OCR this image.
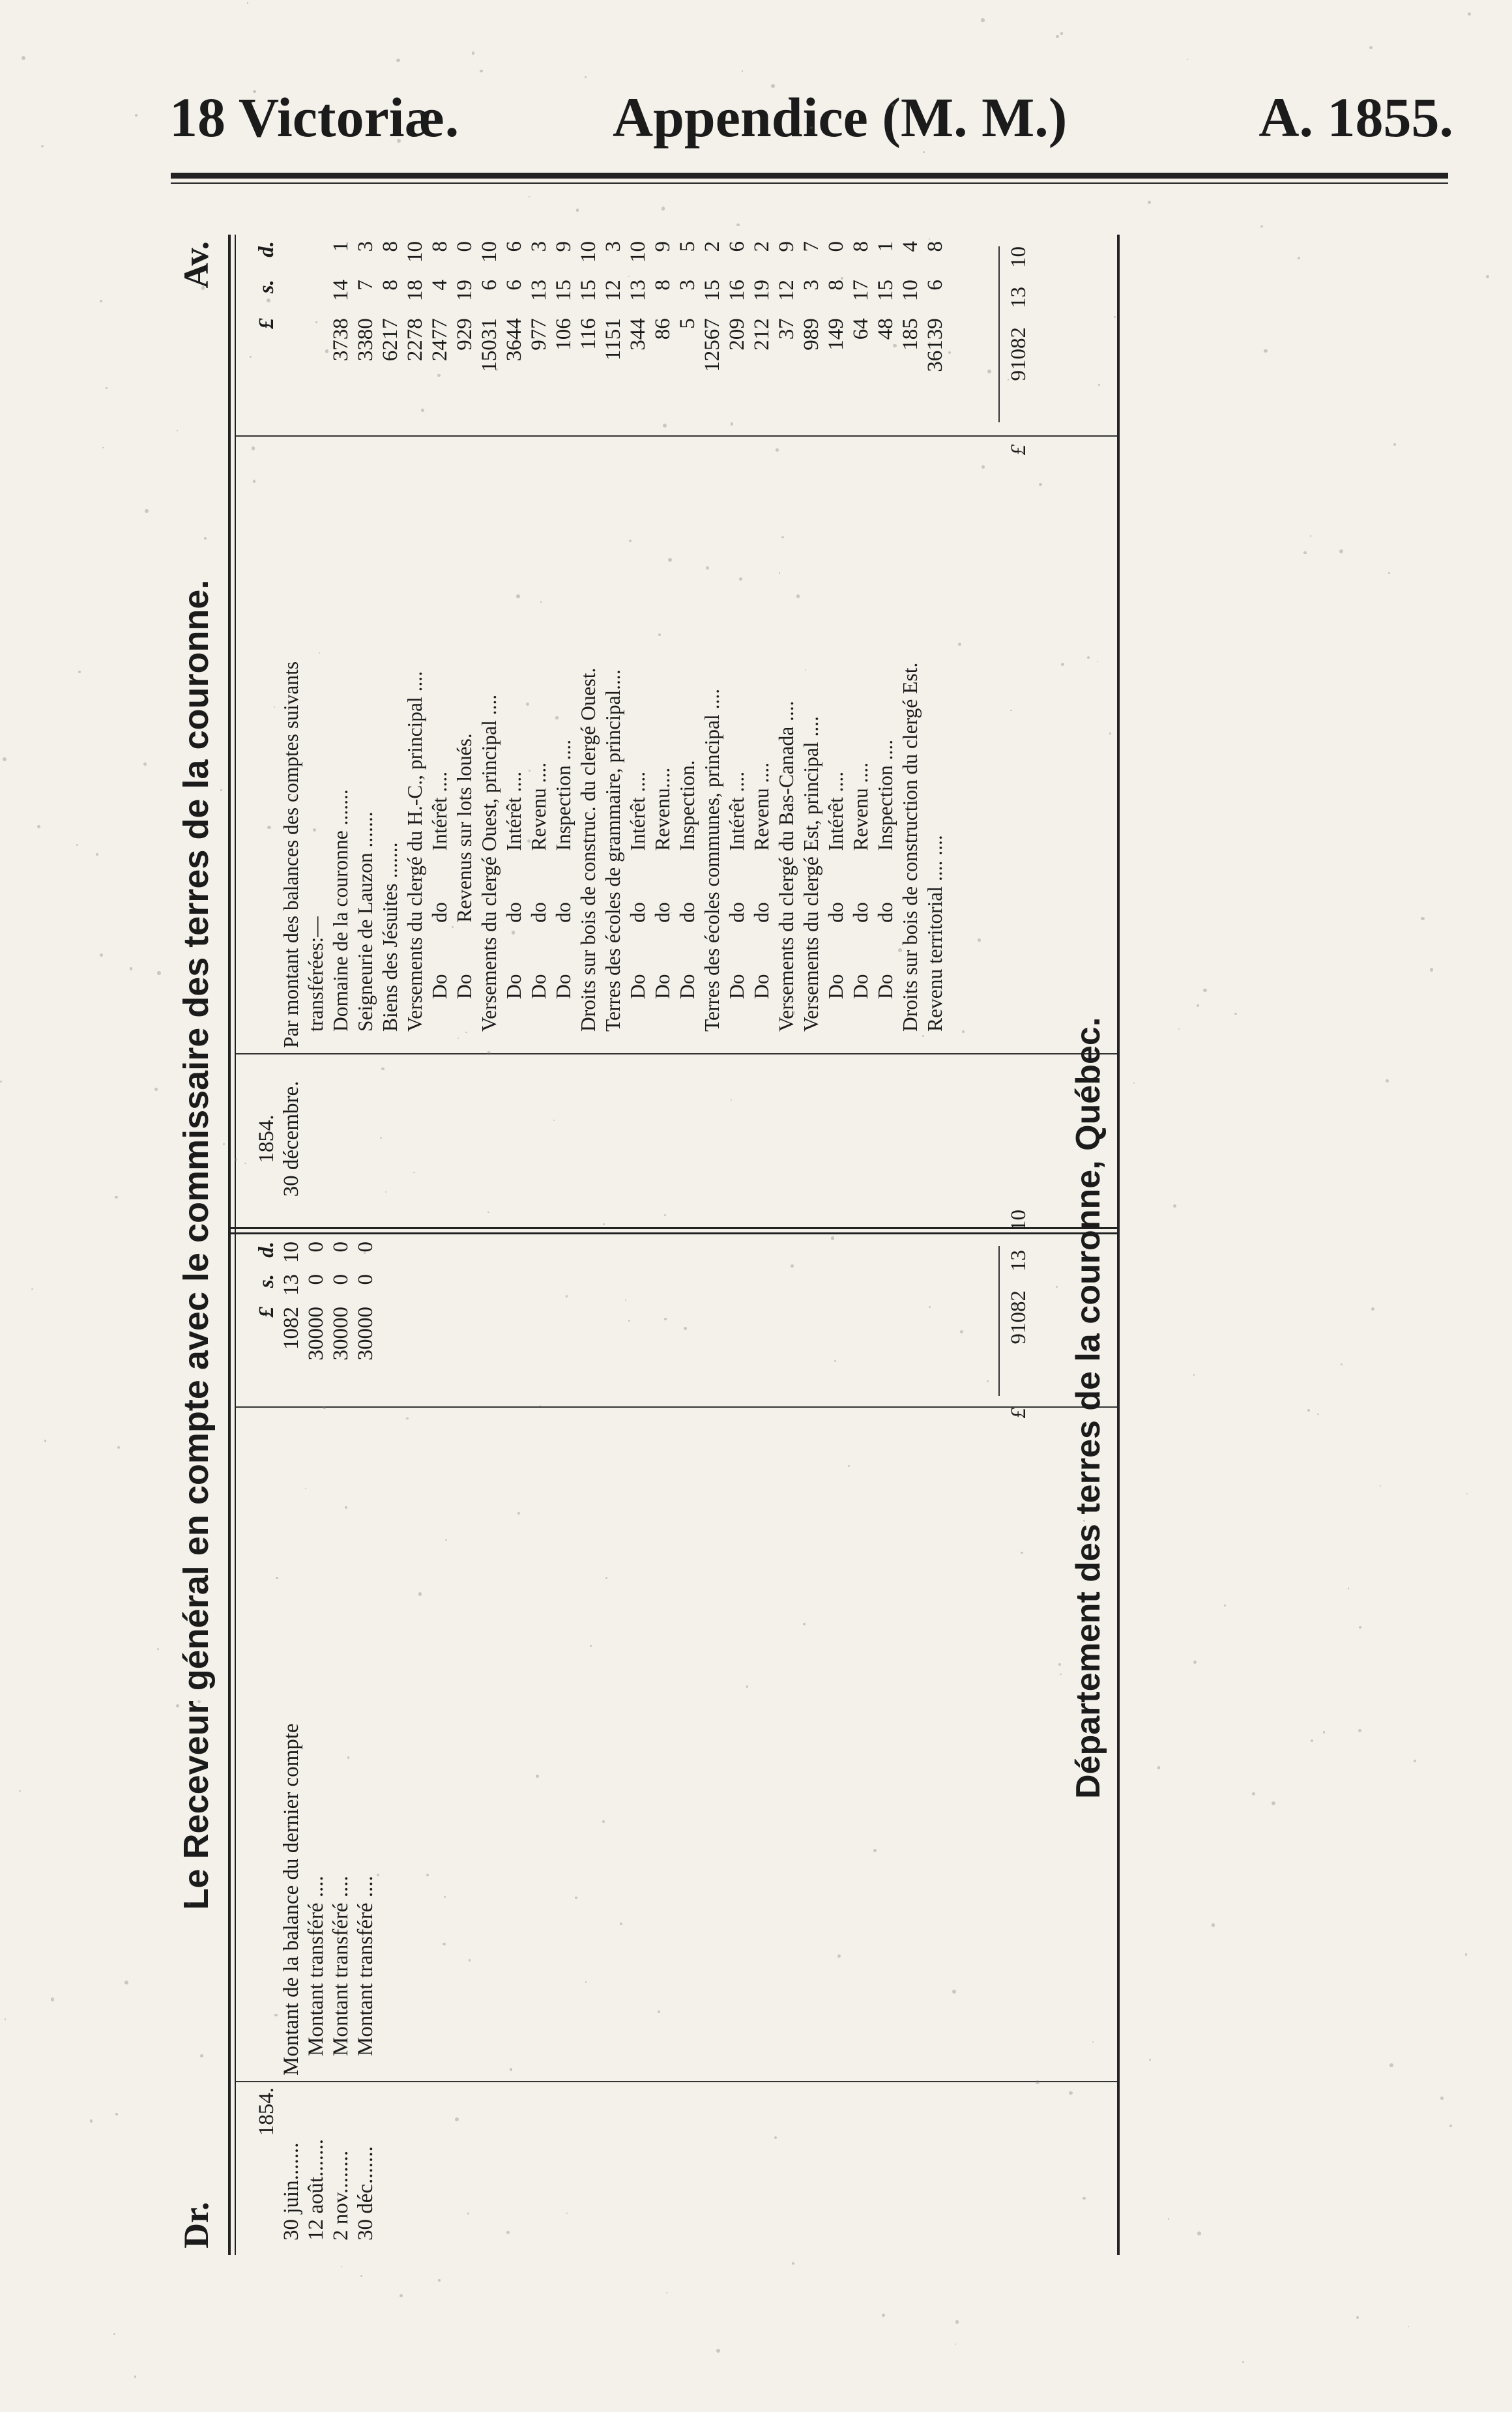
18 Victoriæ.	Appendice (M. M.)	A. 1855.
Dr.
Le Receveur général en compte avec le commissaire des terres de la couronne.
Av.
1854.
30 juin....... 12 août....... 2 nov........ 30 déc.......
Montant de la balance du dernier compte Montant transféré .... Montant transféré .... Montant transféré ....
£
s.
d.
1082
13
10
30000
0
0
30000
0
0
30000
0
0
£
91082
13
10
1854. 30 décembre.
Par montant des balances des comptes suivants transférées:— Domaine de la couronne ....... Seigneurie de Lauzon ....... Biens des Jésuites ....... Versements du clergé du H.-C., principal .... Do          do          Intérêt .... Do          Revenus sur lots loués. Versements du clergé Ouest, principal .... Do          do          Intérêt .... Do          do          Revenu .... Do          do          Inspection .... Droits sur bois de construc. du clergé Ouest. Terres des écoles de grammaire, principal.... Do          do          Intérêt .... Do          do          Revenu.... Do          do          Inspection. Terres des écoles communes, principal .... Do          do          Intérêt .... Do          do          Revenu .... Versements du clergé du Bas-Canada .... Versements du clergé Est, principal .... Do          do          Intérêt .... Do          do          Revenu .... Do          do          Inspection .... Droits sur bois de construction du clergé Est. Revenu territorial .... ....
£
s.
d.
3738
14
1
3380
7
3
6217
8
8
2278
18
10
2477
4
8
929
19
0
15031
6
10
3644
6
6
977
13
3
106
15
9
116
15
10
1151
12
3
344
13
10
86
8
9
5
3
5
12567
15
2
209
16
6
212
19
2
37
12
9
989
3
7
149
8
0
64
17
8
48
15
1
185
10
4
36139
6
8
£
91082
13
10
Département des terres de la couronne, Québec.
